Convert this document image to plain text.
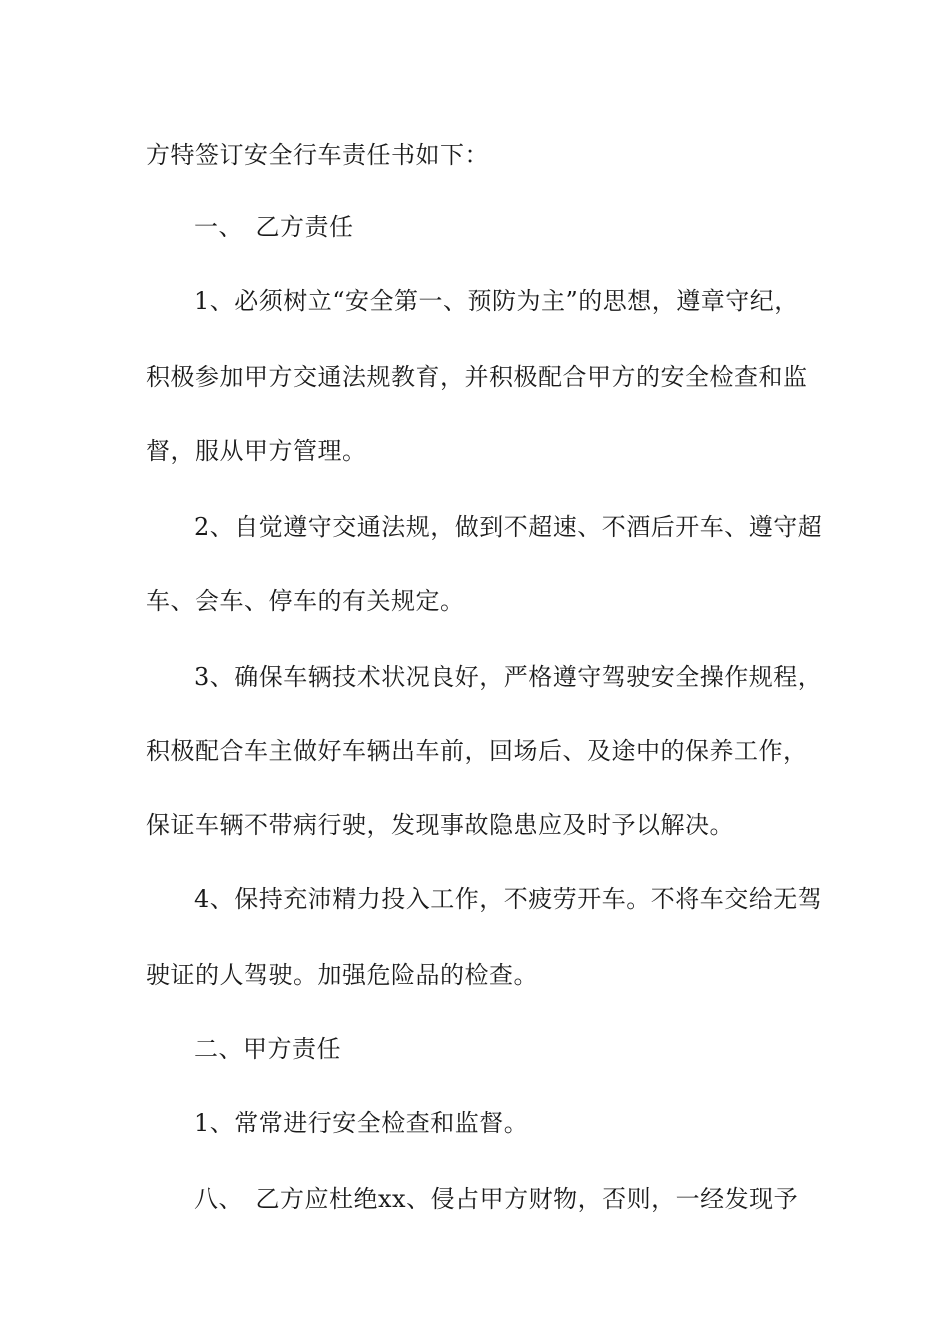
方特签订安全行车责任书如下：
一、　乙方责任
1、必须树立“安全第一、预防为主”的思想，遵章守纪，
积极参加甲方交通法规教育，并积极配合甲方的安全检查和监
督，服从甲方管理。
2、自觉遵守交通法规，做到不超速、不酒后开车、遵守超
车、会车、停车的有关规定。
3、确保车辆技术状况良好，严格遵守驾驶安全操作规程，
积极配合车主做好车辆出车前，回场后、及途中的保养工作，
保证车辆不带病行驶，发现事故隐患应及时予以解决。
4、保持充沛精力投入工作，不疲劳开车。不将车交给无驾
驶证的人驾驶。加强危险品的检查。
二、甲方责任
1、常常进行安全检查和监督。
八、　乙方应杜绝xx、侵占甲方财物，否则，一经发现予
